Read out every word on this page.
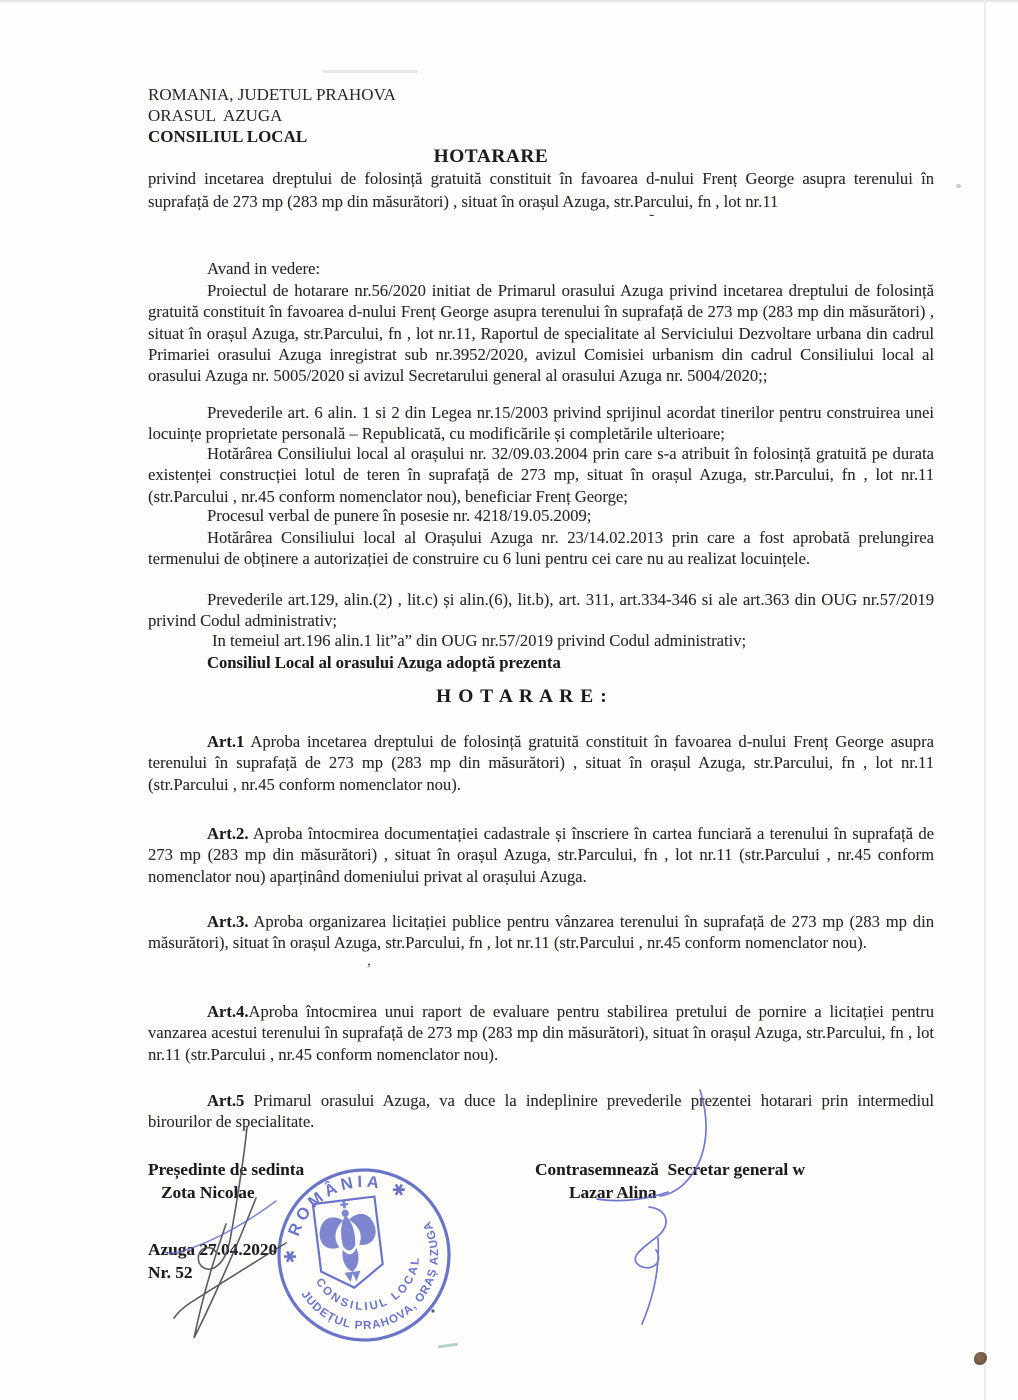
ROMANIA, JUDETUL PRAHOVA
ORASUL  AZUGA
CONSILIUL LOCAL
HOTARARE
privind incetarea dreptului de folosință gratuită constituit în favoarea d-nului Frenț George asupra terenului în suprafață de 273 mp (283 mp din măsurători) , situat în orașul Azuga, str.Parcului, fn , lot nr.11
-
,
Avand in vedere:
Proiectul de hotarare nr.56/2020 initiat de Primarul orasului Azuga privind incetarea dreptului de folosință gratuită constituit în favoarea d-nului Frenț George asupra terenului în suprafață de 273 mp (283 mp din măsurători) , situat în orașul Azuga, str.Parcului, fn , lot nr.11, Raportul de specialitate al Serviciului Dezvoltare urbana din cadrul Primariei orasului Azuga inregistrat sub nr.3952/2020, avizul Comisiei urbanism din cadrul Consiliului local al orasului Azuga nr. 5005/2020 si avizul Secretarului general al orasului Azuga nr. 5004/2020;;
Prevederile art. 6 alin. 1 si 2 din Legea nr.15/2003 privind sprijinul acordat tinerilor pentru construirea unei locuințe proprietate personală – Republicată, cu modificările și completările ulterioare;
Hotărârea Consiliului local al orașului nr. 32/09.03.2004 prin care s-a atribuit în folosință gratuită pe durata existenței construcției lotul de teren în suprafață de 273 mp, situat în orașul Azuga, str.Parcului, fn , lot nr.11 (str.Parcului , nr.45 conform nomenclator nou), beneficiar Frenț George;
Procesul verbal de punere în posesie nr. 4218/19.05.2009;
Hotărârea Consiliului local al Orașului Azuga nr. 23/14.02.2013 prin care a fost aprobată prelungirea termenului de obținere a autorizației de construire cu 6 luni pentru cei care nu au realizat locuințele.
Prevederile art.129, alin.(2) , lit.c) și alin.(6), lit.b), art. 311, art.334-346 si ale art.363 din OUG nr.57/2019 privind Codul administrativ;
In temeiul art.196 alin.1 lit”a” din OUG nr.57/2019 privind Codul administrativ;
Consiliul Local al orasului Azuga adoptă prezenta
H O T A R A R E :
Art.1 Aproba incetarea dreptului de folosință gratuită constituit în favoarea d-nului Frenț George asupra terenului în suprafață de 273 mp (283 mp din măsurători) , situat în orașul Azuga, str.Parcului, fn , lot nr.11 (str.Parcului , nr.45 conform nomenclator nou).
Art.2. Aproba întocmirea documentației cadastrale și înscriere în cartea funciară a terenului în suprafață de 273 mp (283 mp din măsurători) , situat în orașul Azuga, str.Parcului, fn , lot nr.11 (str.Parcului , nr.45 conform nomenclator nou) aparținând domeniului privat al orașului Azuga.
Art.3. Aproba organizarea licitației publice pentru vânzarea terenului în suprafață de 273 mp (283 mp din măsurători), situat în orașul Azuga, str.Parcului, fn , lot nr.11 (str.Parcului , nr.45 conform nomenclator nou).
Art.4.Aproba întocmirea unui raport de evaluare pentru stabilirea pretului de pornire a licitației pentru vanzarea acestui terenului în suprafață de 273 mp (283 mp din măsurători), situat în orașul Azuga, str.Parcului, fn , lot nr.11 (str.Parcului , nr.45 conform nomenclator nou).
Art.5 Primarul orasului Azuga, va duce la indeplinire prevederile prezentei hotarari prin intermediul birourilor de specialitate.
Președinte de sedinta
Zota Nicolae
Contrasemnează  Secretar general w
Lazar Alina
Azuga 27.04.2020
Nr. 52
✱ ROMÂNIA ✱
JUDEȚUL PRAHOVA, ORAȘ AZUGA
CONSILIUL LOCAL
